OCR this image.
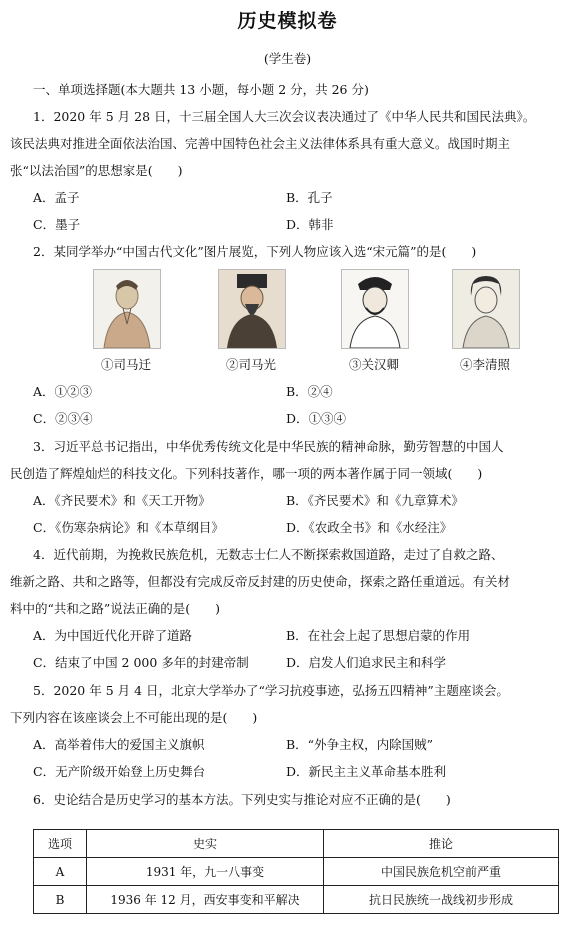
历史模拟卷
(学生卷)
一、单项选择题(本大题共 13 小题，每小题 2 分，共 26 分)
1．2020 年 5 月 28 日，十三届全国人大三次会议表决通过了《中华人民共和国民法典》。
该民法典对推进全面依法治国、完善中国特色社会主义法律体系具有重大意义。战国时期主
张“以法治国”的思想家是(　　)
A．孟子	B．孔子
C．墨子	D．韩非
2．某同学举办“中国古代文化”图片展览，下列人物应该入选“宋元篇”的是(　　)
①司马迁	②司马光	③关汉卿	④李清照
A．①②③	B．②④
C．②③④	D．①③④
3．习近平总书记指出，中华优秀传统文化是中华民族的精神命脉，勤劳智慧的中国人
民创造了辉煌灿烂的科技文化。下列科技著作，哪一项的两本著作属于同一领域(　　)
A．《齐民要术》和《天工开物》	B．《齐民要术》和《九章算术》
C．《伤寒杂病论》和《本草纲目》	D．《农政全书》和《水经注》
4．近代前期，为挽救民族危机，无数志士仁人不断探索救国道路，走过了自救之路、
维新之路、共和之路等，但都没有完成反帝反封建的历史使命，探索之路任重道远。有关材
料中的“共和之路”说法正确的是(　　)
A．为中国近代化开辟了道路	B．在社会上起了思想启蒙的作用
C．结束了中国 2 000 多年的封建帝制	D．启发人们追求民主和科学
5．2020 年 5 月 4 日，北京大学举办了“学习抗疫事迹，弘扬五四精神”主题座谈会。
下列内容在该座谈会上不可能出现的是(　　)
A．高举着伟大的爱国主义旗帜	B．“外争主权，内除国贼”
C．无产阶级开始登上历史舞台	D．新民主主义革命基本胜利
6．史论结合是历史学习的基本方法。下列史实与推论对应不正确的是(　　)
选项	史实	推论
A	1931 年，九一八事变	中国民族危机空前严重
B	1936 年 12 月，西安事变和平解决	抗日民族统一战线初步形成
